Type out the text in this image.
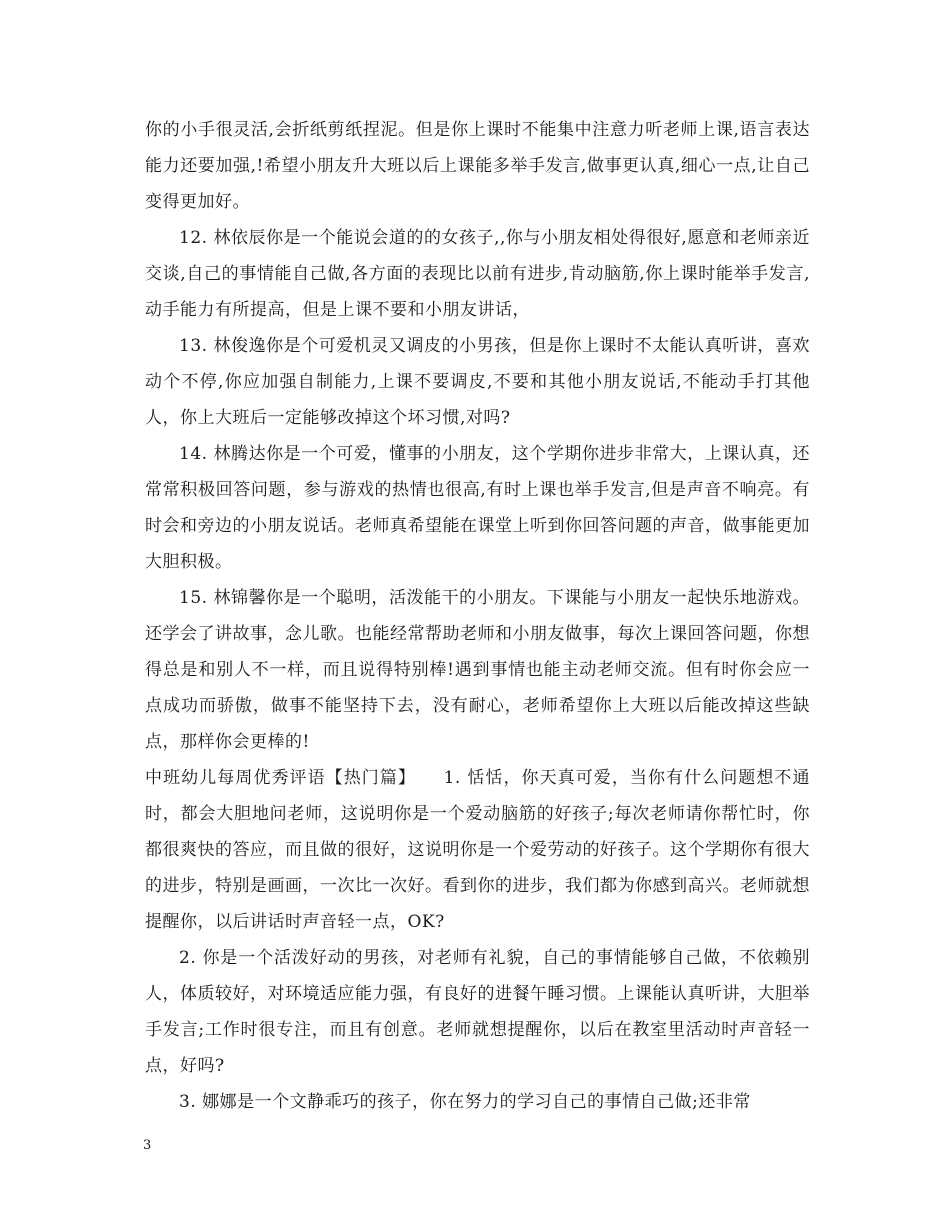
你的小手很灵活,会折纸剪纸捏泥。但是你上课时不能集中注意力听老师上课,语言表达能力还要加强,!希望小朋友升大班以后上课能多举手发言,做事更认真,细心一点,让自己变得更加好。

12. 林依辰你是一个能说会道的的女孩子,,你与小朋友相处得很好,愿意和老师亲近交谈,自己的事情能自己做,各方面的表现比以前有进步,肯动脑筋,你上课时能举手发言,动手能力有所提高，但是上课不要和小朋友讲话，

13. 林俊逸你是个可爱机灵又调皮的小男孩，但是你上课时不太能认真听讲，喜欢动个不停,你应加强自制能力,上课不要调皮,不要和其他小朋友说话,不能动手打其他人，你上大班后一定能够改掉这个坏习惯,对吗?

14. 林腾达你是一个可爱，懂事的小朋友，这个学期你进步非常大，上课认真，还常常积极回答问题，参与游戏的热情也很高,有时上课也举手发言,但是声音不响亮。有时会和旁边的小朋友说话。老师真希望能在课堂上听到你回答问题的声音，做事能更加大胆积极。

15. 林锦馨你是一个聪明，活泼能干的小朋友。下课能与小朋友一起快乐地游戏。还学会了讲故事，念儿歌。也能经常帮助老师和小朋友做事，每次上课回答问题，你想得总是和别人不一样，而且说得特别棒!遇到事情也能主动老师交流。但有时你会应一点成功而骄傲，做事不能坚持下去，没有耐心，老师希望你上大班以后能改掉这些缺点，那样你会更棒的!

中班幼儿每周优秀评语【热门篇】　　1. 恬恬，你天真可爱，当你有什么问题想不通时，都会大胆地问老师，这说明你是一个爱动脑筋的好孩子;每次老师请你帮忙时，你都很爽快的答应，而且做的很好，这说明你是一个爱劳动的好孩子。这个学期你有很大的进步，特别是画画，一次比一次好。看到你的进步，我们都为你感到高兴。老师就想提醒你，以后讲话时声音轻一点，OK?

2. 你是一个活泼好动的男孩，对老师有礼貌，自己的事情能够自己做，不依赖别人，体质较好，对环境适应能力强，有良好的进餐午睡习惯。上课能认真听讲，大胆举手发言;工作时很专注，而且有创意。老师就想提醒你，以后在教室里活动时声音轻一点，好吗?

3. 娜娜是一个文静乖巧的孩子，你在努力的学习自己的事情自己做;还非常

3
